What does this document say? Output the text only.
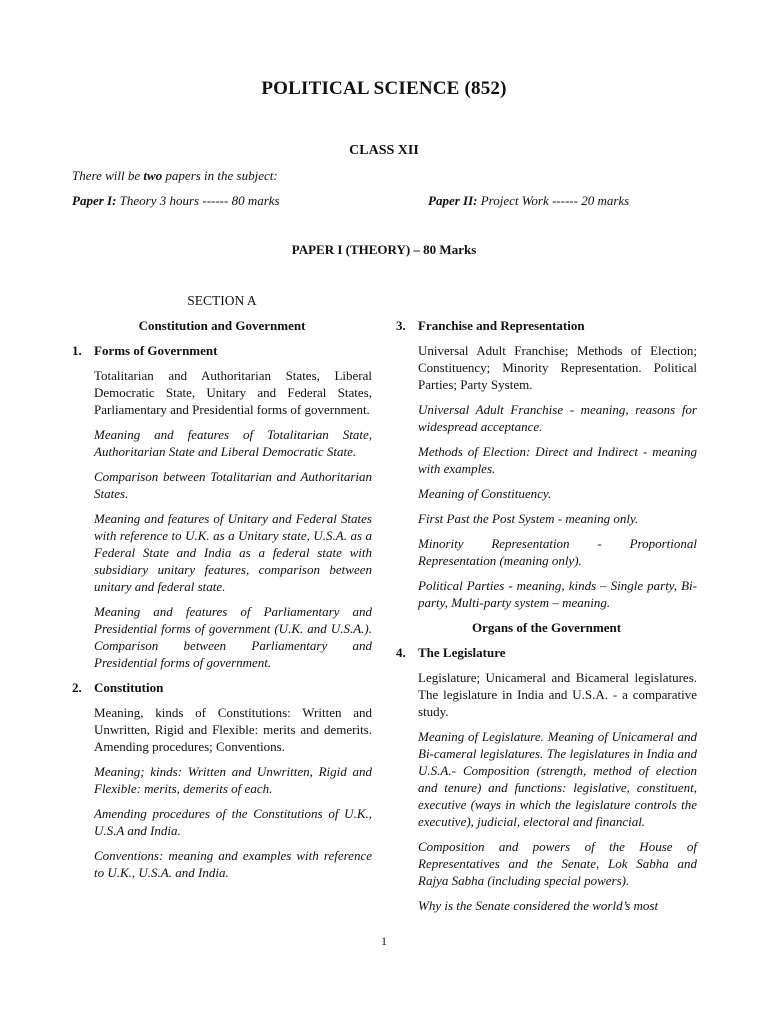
POLITICAL SCIENCE (852)
CLASS XII
There will be two papers in the subject:
Paper I: Theory 3 hours ------ 80 marks	Paper II: Project Work ------ 20 marks
PAPER I (THEORY) – 80 Marks
SECTION A
Constitution and Government
1. Forms of Government

Totalitarian and Authoritarian States, Liberal Democratic State, Unitary and Federal States, Parliamentary and Presidential forms of government.

Meaning and features of Totalitarian State, Authoritarian State and Liberal Democratic State.

Comparison between Totalitarian and Authoritarian States.

Meaning and features of Unitary and Federal States with reference to U.K. as a Unitary state, U.S.A. as a Federal State and India as a federal state with subsidiary unitary features, comparison between unitary and federal state.

Meaning and features of Parliamentary and Presidential forms of government (U.K. and U.S.A.). Comparison between Parliamentary and Presidential forms of government.

2. Constitution

Meaning, kinds of Constitutions: Written and Unwritten, Rigid and Flexible: merits and demerits. Amending procedures; Conventions.

Meaning; kinds: Written and Unwritten, Rigid and Flexible: merits, demerits of each.

Amending procedures of the Constitutions of U.K., U.S.A and India.

Conventions: meaning and examples with reference to U.K., U.S.A. and India.

3. Franchise and Representation

Universal Adult Franchise; Methods of Election; Constituency; Minority Representation. Political Parties; Party System.

Universal Adult Franchise - meaning, reasons for widespread acceptance.

Methods of Election: Direct and Indirect - meaning with examples.

Meaning of Constituency.

First Past the Post System - meaning only.

Minority Representation - Proportional Representation (meaning only).

Political Parties - meaning, kinds – Single party, Bi-party, Multi-party system – meaning.

Organs of the Government
4. The Legislature

Legislature; Unicameral and Bicameral legislatures. The legislature in India and U.S.A. - a comparative study.

Meaning of Legislature. Meaning of Unicameral and Bi-cameral legislatures. The legislatures in India and U.S.A.- Composition (strength, method of election and tenure) and functions: legislative, constituent, executive (ways in which the legislature controls the executive), judicial, electoral and financial.

Composition and powers of the House of Representatives and the Senate, Lok Sabha and Rajya Sabha (including special powers).

Why is the Senate considered the world’s most

1
